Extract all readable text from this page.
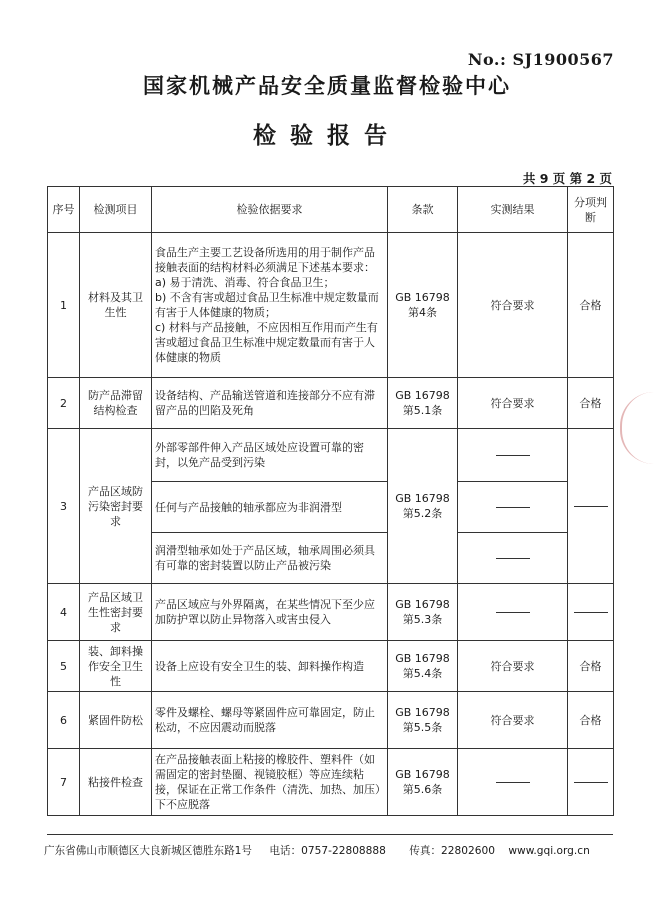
No.: SJ1900567
国家机械产品安全质量监督检验中心
检验报告
共 9 页 第 2 页
序号	检测项目	检验依据要求	条款	实测结果	分项判断
1	材料及其卫生性	食品生产主要工艺设备所选用的用于制作产品接触表面的结构材料必须满足下述基本要求：
a) 易于清洗、消毒、符合食品卫生；
b) 不含有害或超过食品卫生标准中规定数量而有害于人体健康的物质；
c) 材料与产品接触，不应因相互作用而产生有害或超过食品卫生标准中规定数量而有害于人体健康的物质	GB 16798 第4条	符合要求	合格
2	防产品滞留结构检查	设备结构、产品输送管道和连接部分不应有滞留产品的凹陷及死角	GB 16798 第5.1条	符合要求	合格
3	产品区域防污染密封要求	外部零部件伸入产品区域处应设置可靠的密封，以免产品受到污染	GB 16798 第5.2条		
		任何与产品接触的轴承都应为非润滑型			
		润滑型轴承如处于产品区域，轴承周围必须具有可靠的密封装置以防止产品被污染			
4	产品区域卫生性密封要求	产品区域应与外界隔离，在某些情况下至少应加防护罩以防止异物落入或害虫侵入	GB 16798 第5.3条		
5	装、卸料操作安全卫生性	设备上应设有安全卫生的装、卸料操作构造	GB 16798 第5.4条	符合要求	合格
6	紧固件防松	零件及螺栓、螺母等紧固件应可靠固定，防止松动，不应因震动而脱落	GB 16798 第5.5条	符合要求	合格
7	粘接件检查	在产品接触表面上粘接的橡胶件、塑料件（如需固定的密封垫圈、视镜胶框）等应连续粘接，保证在正常工作条件（清洗、加热、加压）下不应脱落	GB 16798 第5.6条		
广东省佛山市顺德区大良新城区德胜东路1号 电话：0757-22808888 传真：22802600 www.gqi.org.cn
